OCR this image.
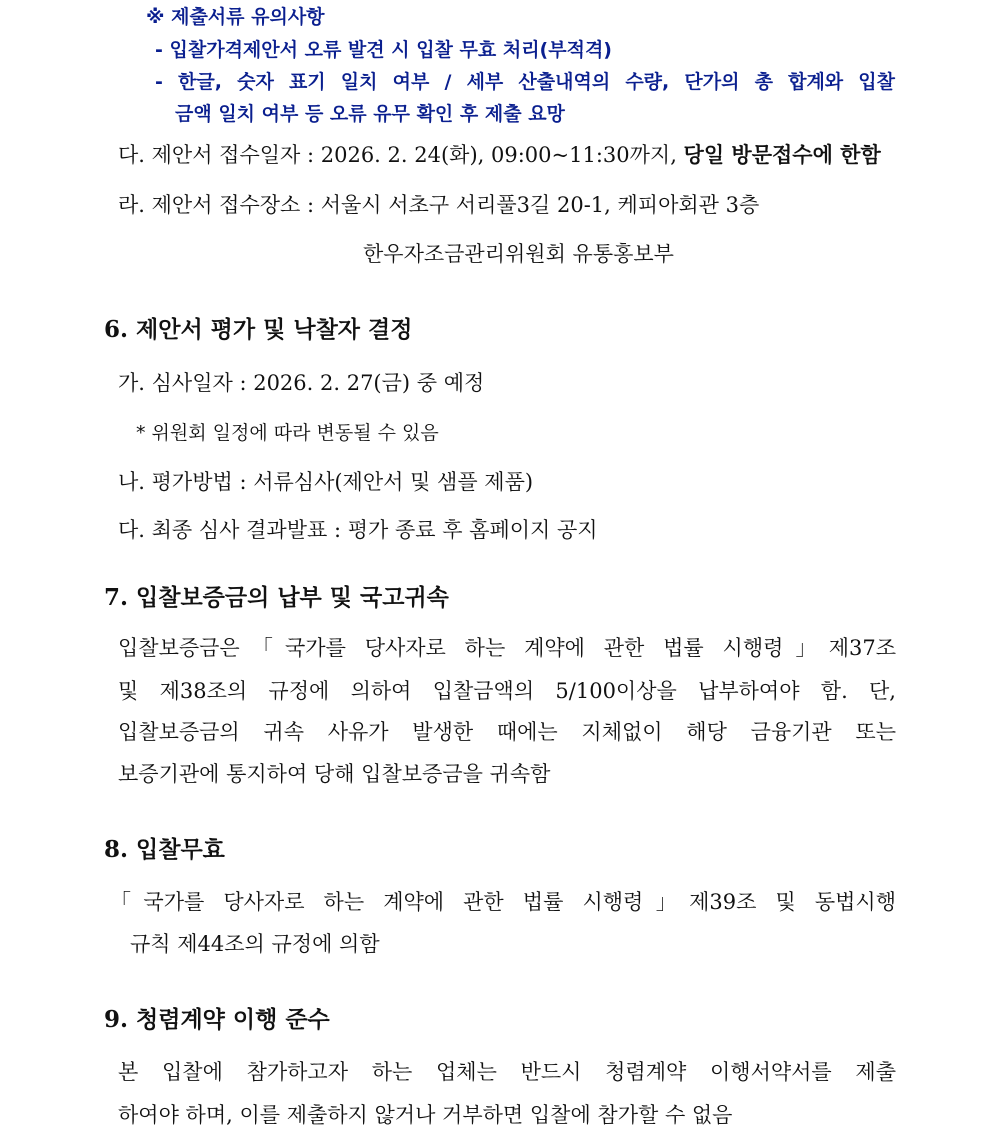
※ 제출서류 유의사항
- 입찰가격제안서 오류 발견 시 입찰 무효 처리(부적격)
- 한글, 숫자 표기 일치 여부 / 세부 산출내역의 수량, 단가의 총 합계와 입찰
금액 일치 여부 등 오류 유무 확인 후 제출 요망
다. 제안서 접수일자 : 2026. 2. 24(화), 09:00~11:30까지, 당일 방문접수에 한함
라. 제안서 접수장소 : 서울시 서초구 서리풀3길 20-1, 케피아회관 3층
한우자조금관리위원회 유통홍보부
6. 제안서 평가 및 낙찰자 결정
가. 심사일자 : 2026. 2. 27(금) 중 예정
* 위원회 일정에 따라 변동될 수 있음
나. 평가방법 : 서류심사(제안서 및 샘플 제품)
다. 최종 심사 결과발표 : 평가 종료 후 홈페이지 공지
7. 입찰보증금의 납부 및 국고귀속
입찰보증금은「국가를 당사자로 하는 계약에 관한 법률 시행령」제37조
및 제38조의 규정에 의하여 입찰금액의 5/100이상을 납부하여야 함. 단,
입찰보증금의 귀속 사유가 발생한 때에는 지체없이 해당 금융기관 또는
보증기관에 통지하여 당해 입찰보증금을 귀속함
8. 입찰무효
「국가를 당사자로 하는 계약에 관한 법률 시행령」제39조 및 동법시행
규칙 제44조의 규정에 의함
9. 청렴계약 이행 준수
본 입찰에 참가하고자 하는 업체는 반드시 청렴계약 이행서약서를 제출
하여야 하며, 이를 제출하지 않거나 거부하면 입찰에 참가할 수 없음
